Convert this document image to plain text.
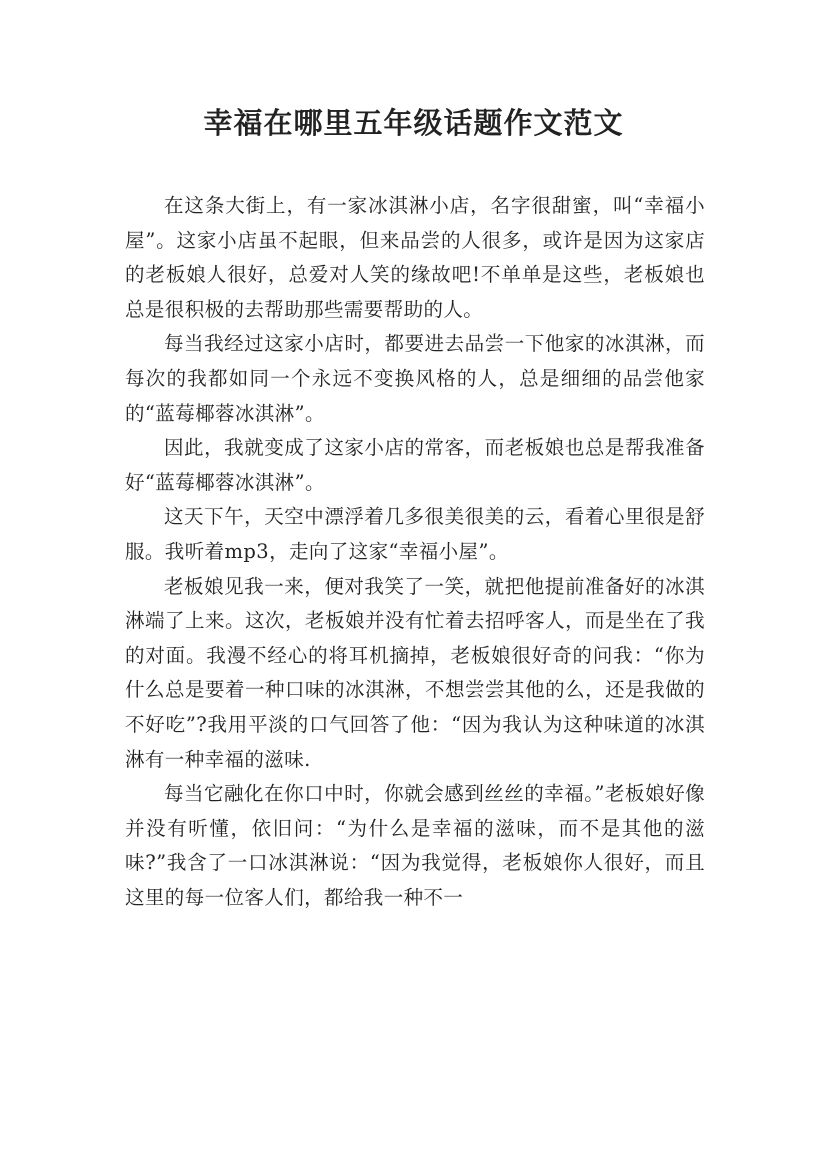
幸福在哪里五年级话题作文范文

在这条大街上，有一家冰淇淋小店，名字很甜蜜，叫“幸福小屋”。这家小店虽不起眼，但来品尝的人很多，或许是因为这家店的老板娘人很好，总爱对人笑的缘故吧!不单单是这些，老板娘也总是很积极的去帮助那些需要帮助的人。

每当我经过这家小店时，都要进去品尝一下他家的冰淇淋，而每次的我都如同一个永远不变换风格的人，总是细细的品尝他家的“蓝莓椰蓉冰淇淋”。

因此，我就变成了这家小店的常客，而老板娘也总是帮我准备好“蓝莓椰蓉冰淇淋”。

这天下午，天空中漂浮着几多很美很美的云，看着心里很是舒服。我听着mp3，走向了这家“幸福小屋”。

老板娘见我一来，便对我笑了一笑，就把他提前准备好的冰淇淋端了上来。这次，老板娘并没有忙着去招呼客人，而是坐在了我的对面。我漫不经心的将耳机摘掉，老板娘很好奇的问我：“你为什么总是要着一种口味的冰淇淋，不想尝尝其他的么，还是我做的不好吃”?我用平淡的口气回答了他：“因为我认为这种味道的冰淇淋有一种幸福的滋味.

每当它融化在你口中时，你就会感到丝丝的幸福。”老板娘好像并没有听懂，依旧问：“为什么是幸福的滋味，而不是其他的滋味?”我含了一口冰淇淋说：“因为我觉得，老板娘你人很好，而且这里的每一位客人们，都给我一种不一
